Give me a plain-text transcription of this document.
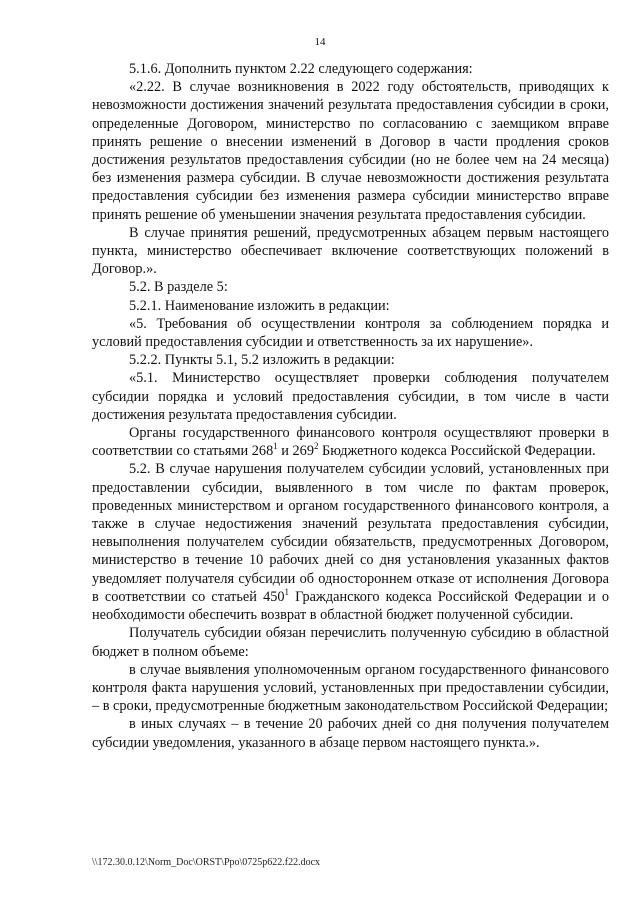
14

5.1.6. Дополнить пунктом 2.22 следующего содержания:

«2.22. В случае возникновения в 2022 году обстоятельств, приводящих к невозможности достижения значений результата предоставления субсидии в сроки, определенные Договором, министерство по согласованию с заемщиком вправе принять решение о внесении изменений в Договор в части продления сроков достижения результатов предоставления субсидии (но не более чем на 24 месяца) без изменения размера субсидии. В случае невозможности достижения результата предоставления субсидии без изменения размера субсидии министерство вправе принять решение об уменьшении значения результата предоставления субсидии.

В случае принятия решений, предусмотренных абзацем первым настоящего пункта, министерство обеспечивает включение соответствующих положений в Договор.».

5.2. В разделе 5:

5.2.1. Наименование изложить в редакции:

«5. Требования об осуществлении контроля за соблюдением порядка и условий предоставления субсидии и ответственность за их нарушение».

5.2.2. Пункты 5.1, 5.2 изложить в редакции:

«5.1. Министерство осуществляет проверки соблюдения получателем субсидии порядка и условий предоставления субсидии, в том числе в части достижения результата предоставления субсидии.

Органы государственного финансового контроля осуществляют проверки в соответствии со статьями $268^1$ и $269^2$ Бюджетного кодекса Российской Федерации.

5.2. В случае нарушения получателем субсидии условий, установленных при предоставлении субсидии, выявленного в том числе по фактам проверок, проведенных министерством и органом государственного финансового контроля, а также в случае недостижения значений результата предоставления субсидии, невыполнения получателем субсидии обязательств, предусмотренных Договором, министерство в течение 10 рабочих дней со дня установления указанных фактов уведомляет получателя субсидии об одностороннем отказе от исполнения Договора в соответствии со статьей $450^1$ Гражданского кодекса Российской Федерации и о необходимости обеспечить возврат в областной бюджет полученной субсидии.

Получатель субсидии обязан перечислить полученную субсидию в областной бюджет в полном объеме:

в случае выявления уполномоченным органом государственного финансового контроля факта нарушения условий, установленных при предоставлении субсидии, – в сроки, предусмотренные бюджетным законодательством Российской Федерации;

в иных случаях – в течение 20 рабочих дней со дня получения получателем субсидии уведомления, указанного в абзаце первом настоящего пункта.».

\\172.30.0.12\Norm_Doc\ORST\Ppo\0725p622.f22.docx
